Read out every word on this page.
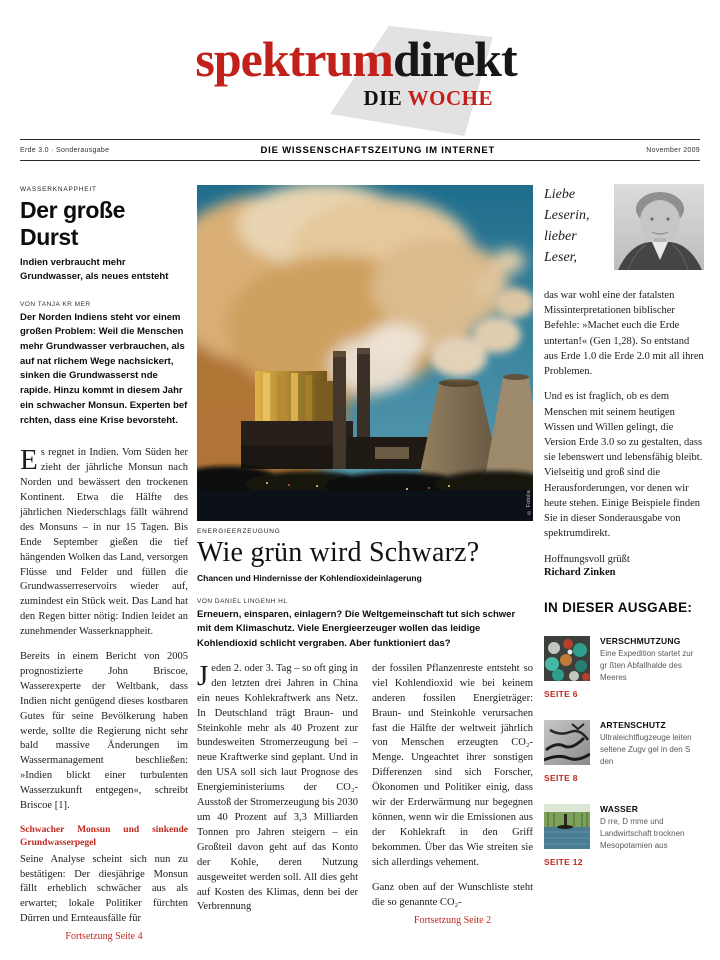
spektrumdirekt
DIE WOCHE
Erde 3.0 · Sonderausgabe	DIE WISSENSCHAFTSZEITUNG IM INTERNET	November 2009
WASSERKNAPPHEIT
Der große Durst
Indien verbraucht mehr Grundwasser, als neues entsteht
VON TANJA KR MER
Der Norden Indiens steht vor einem großen Problem: Weil die Menschen mehr Grundwasser verbrauchen, als auf nat rlichem Wege nachsickert, sinken die Grundwasserst nde rapide. Hinzu kommt in diesem Jahr ein schwacher Monsun. Experten bef rchten, dass eine Krise bevorsteht.

Es regnet in Indien. Vom Süden her zieht der jährliche Monsun nach Norden und bewässert den trockenen Kontinent. Etwa die Hälfte des jährlichen Niederschlags fällt während des Monsuns – in nur 15 Tagen. Bis Ende September gießen die tief hängenden Wolken das Land, versorgen Flüsse und Felder und füllen die Grundwasserreservoirs wieder auf, zumindest ein Stück weit. Das Land hat den Regen bitter nötig: Indien leidet an zunehmender Wasserknappheit.

Bereits in einem Bericht von 2005 prognostizierte John Briscoe, Wasserexperte der Weltbank, dass Indien nicht genügend dieses kostbaren Gutes für seine Bevölkerung haben werde, sollte die Regierung nicht sehr bald massive Änderungen im Wassermanagement beschließen: »Indien blickt einer turbulenten Wasserzukunft entgegen«, schreibt Briscoe [1].

Schwacher Monsun und sinkende Grundwasserpegel

Seine Analyse scheint sich nun zu bestätigen: Der diesjährige Monsun fällt erheblich schwächer aus als erwartet; lokale Politiker fürchten Dürren und Ernteausfälle für

Fortsetzung Seite 4
© Fotolia
ENERGIEERZEUGUNG
Wie grün wird Schwarz?
Chancen und Hindernisse der Kohlendioxideinlagerung
VON DANIEL LINGENH HL
Erneuern, einsparen, einlagern? Die Weltgemeinschaft tut sich schwer mit dem Klimaschutz. Viele Energieerzeuger wollen das leidige Kohlendioxid schlicht vergraben. Aber funktioniert das?

Jeden 2. oder 3. Tag – so oft ging in den letzten drei Jahren in China ein neues Kohlekraftwerk ans Netz. In Deutschland trägt Braun- und Steinkohle mehr als 40 Prozent zur bundesweiten Stromerzeugung bei – neue Kraftwerke sind geplant. Und in den USA soll sich laut Prognose des Energieministeriums der CO₂-Ausstoß der Stromerzeugung bis 2030 um 40 Prozent auf 3,3 Milliarden Tonnen pro Jahren steigern – ein Großteil davon geht auf das Konto der Kohle, deren Nutzung ausgeweitet werden soll. All dies geht auf Kosten des Klimas, denn bei der Verbrennung

der fossilen Pflanzenreste entsteht so viel Kohlendioxid wie bei keinem anderen fossilen Energieträger: Braun- und Steinkohle verursachen fast die Hälfte der weltweit jährlich von Menschen erzeugten CO₂-Menge. Ungeachtet ihrer sonstigen Differenzen sind sich Forscher, Ökonomen und Politiker einig, dass wir der Erderwärmung nur begegnen können, wenn wir die Emissionen aus der Kohlekraft in den Griff bekommen. Über das Wie streiten sie sich allerdings vehement.

Ganz oben auf der Wunschliste steht die so genannte CO₂-

Fortsetzung Seite 2
Liebe Leserin, lieber Leser,

das war wohl eine der fatalsten Missinterpretationen biblischer Befehle: »Machet euch die Erde untertan!« (Gen 1,28). So entstand aus Erde 1.0 die Erde 2.0 mit all ihren Problemen.

Und es ist fraglich, ob es dem Menschen mit seinem heutigen Wissen und Willen gelingt, die Version Erde 3.0 so zu gestalten, dass sie lebenswert und lebensfähig bleibt. Vielseitig und groß sind die Herausforderungen, vor denen wir heute stehen. Einige Beispiele finden Sie in dieser Sonderausgabe von spektrumdirekt.

Hoffnungsvoll grüßt

Richard Zinken
IN DIESER AUSGABE:
SEITE 6
VERSCHMUTZUNG
Eine Expedition startet zur gr ßten Abfallhalde des Meeres
SEITE 8
ARTENSCHUTZ
Ultraleichtflugzeuge leiten seltene Zugv gel in den S den
SEITE 12
WASSER
D rre, D mme und Landwirtschaft trocknen Mesopotamien aus
